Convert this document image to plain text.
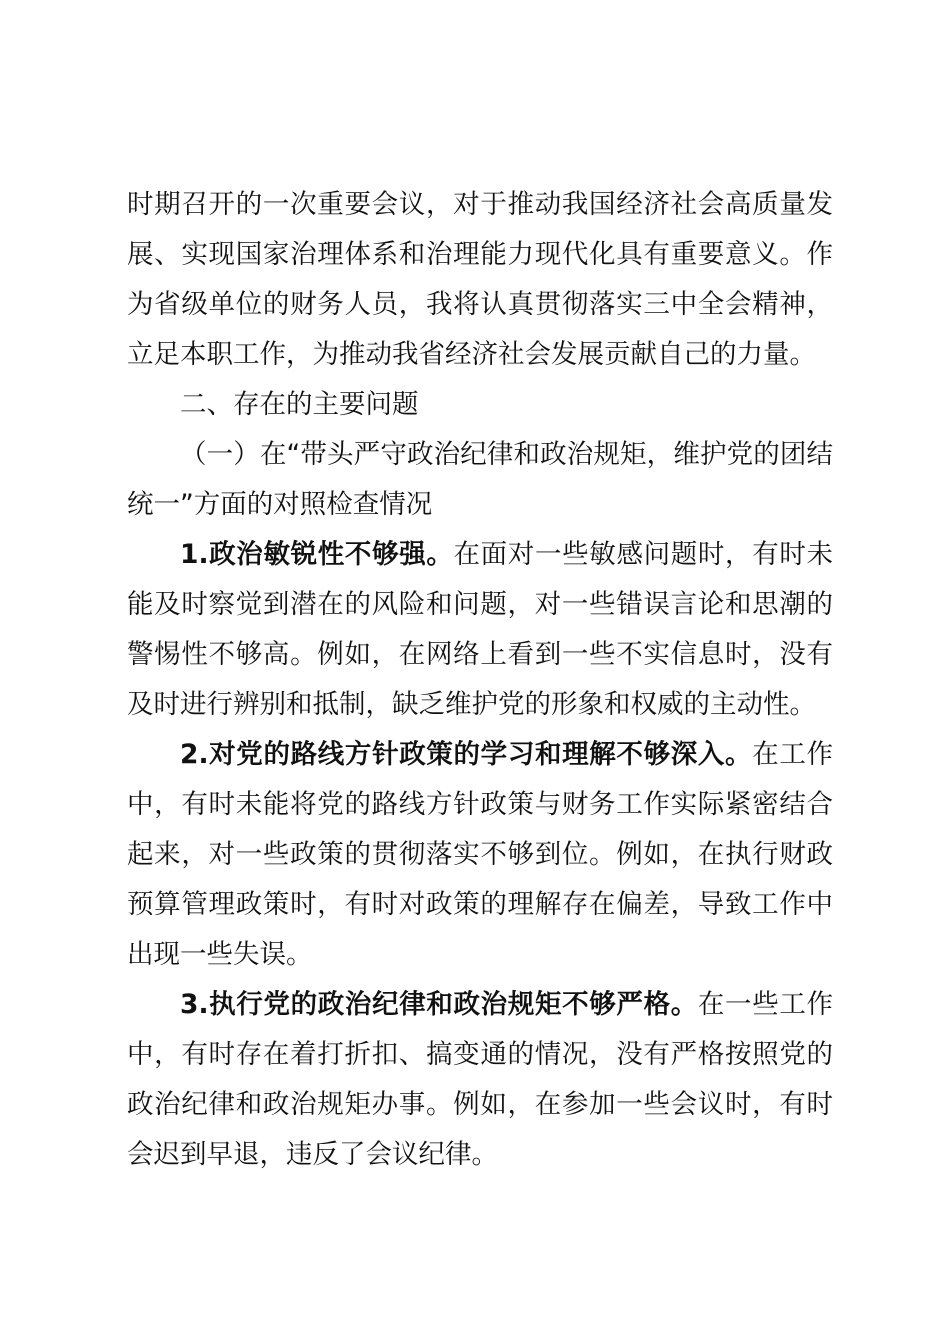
时期召开的一次重要会议，对于推动我国经济社会高质量发展、实现国家治理体系和治理能力现代化具有重要意义。作为省级单位的财务人员，我将认真贯彻落实三中全会精神，立足本职工作，为推动我省经济社会发展贡献自己的力量。

二、存在的主要问题

（一）在“带头严守政治纪律和政治规矩，维护党的团结统一”方面的对照检查情况

1.政治敏锐性不够强。在面对一些敏感问题时，有时未能及时察觉到潜在的风险和问题，对一些错误言论和思潮的警惕性不够高。例如，在网络上看到一些不实信息时，没有及时进行辨别和抵制，缺乏维护党的形象和权威的主动性。

2.对党的路线方针政策的学习和理解不够深入。在工作中，有时未能将党的路线方针政策与财务工作实际紧密结合起来，对一些政策的贯彻落实不够到位。例如，在执行财政预算管理政策时，有时对政策的理解存在偏差，导致工作中出现一些失误。

3.执行党的政治纪律和政治规矩不够严格。在一些工作中，有时存在着打折扣、搞变通的情况，没有严格按照党的政治纪律和政治规矩办事。例如，在参加一些会议时，有时会迟到早退，违反了会议纪律。
